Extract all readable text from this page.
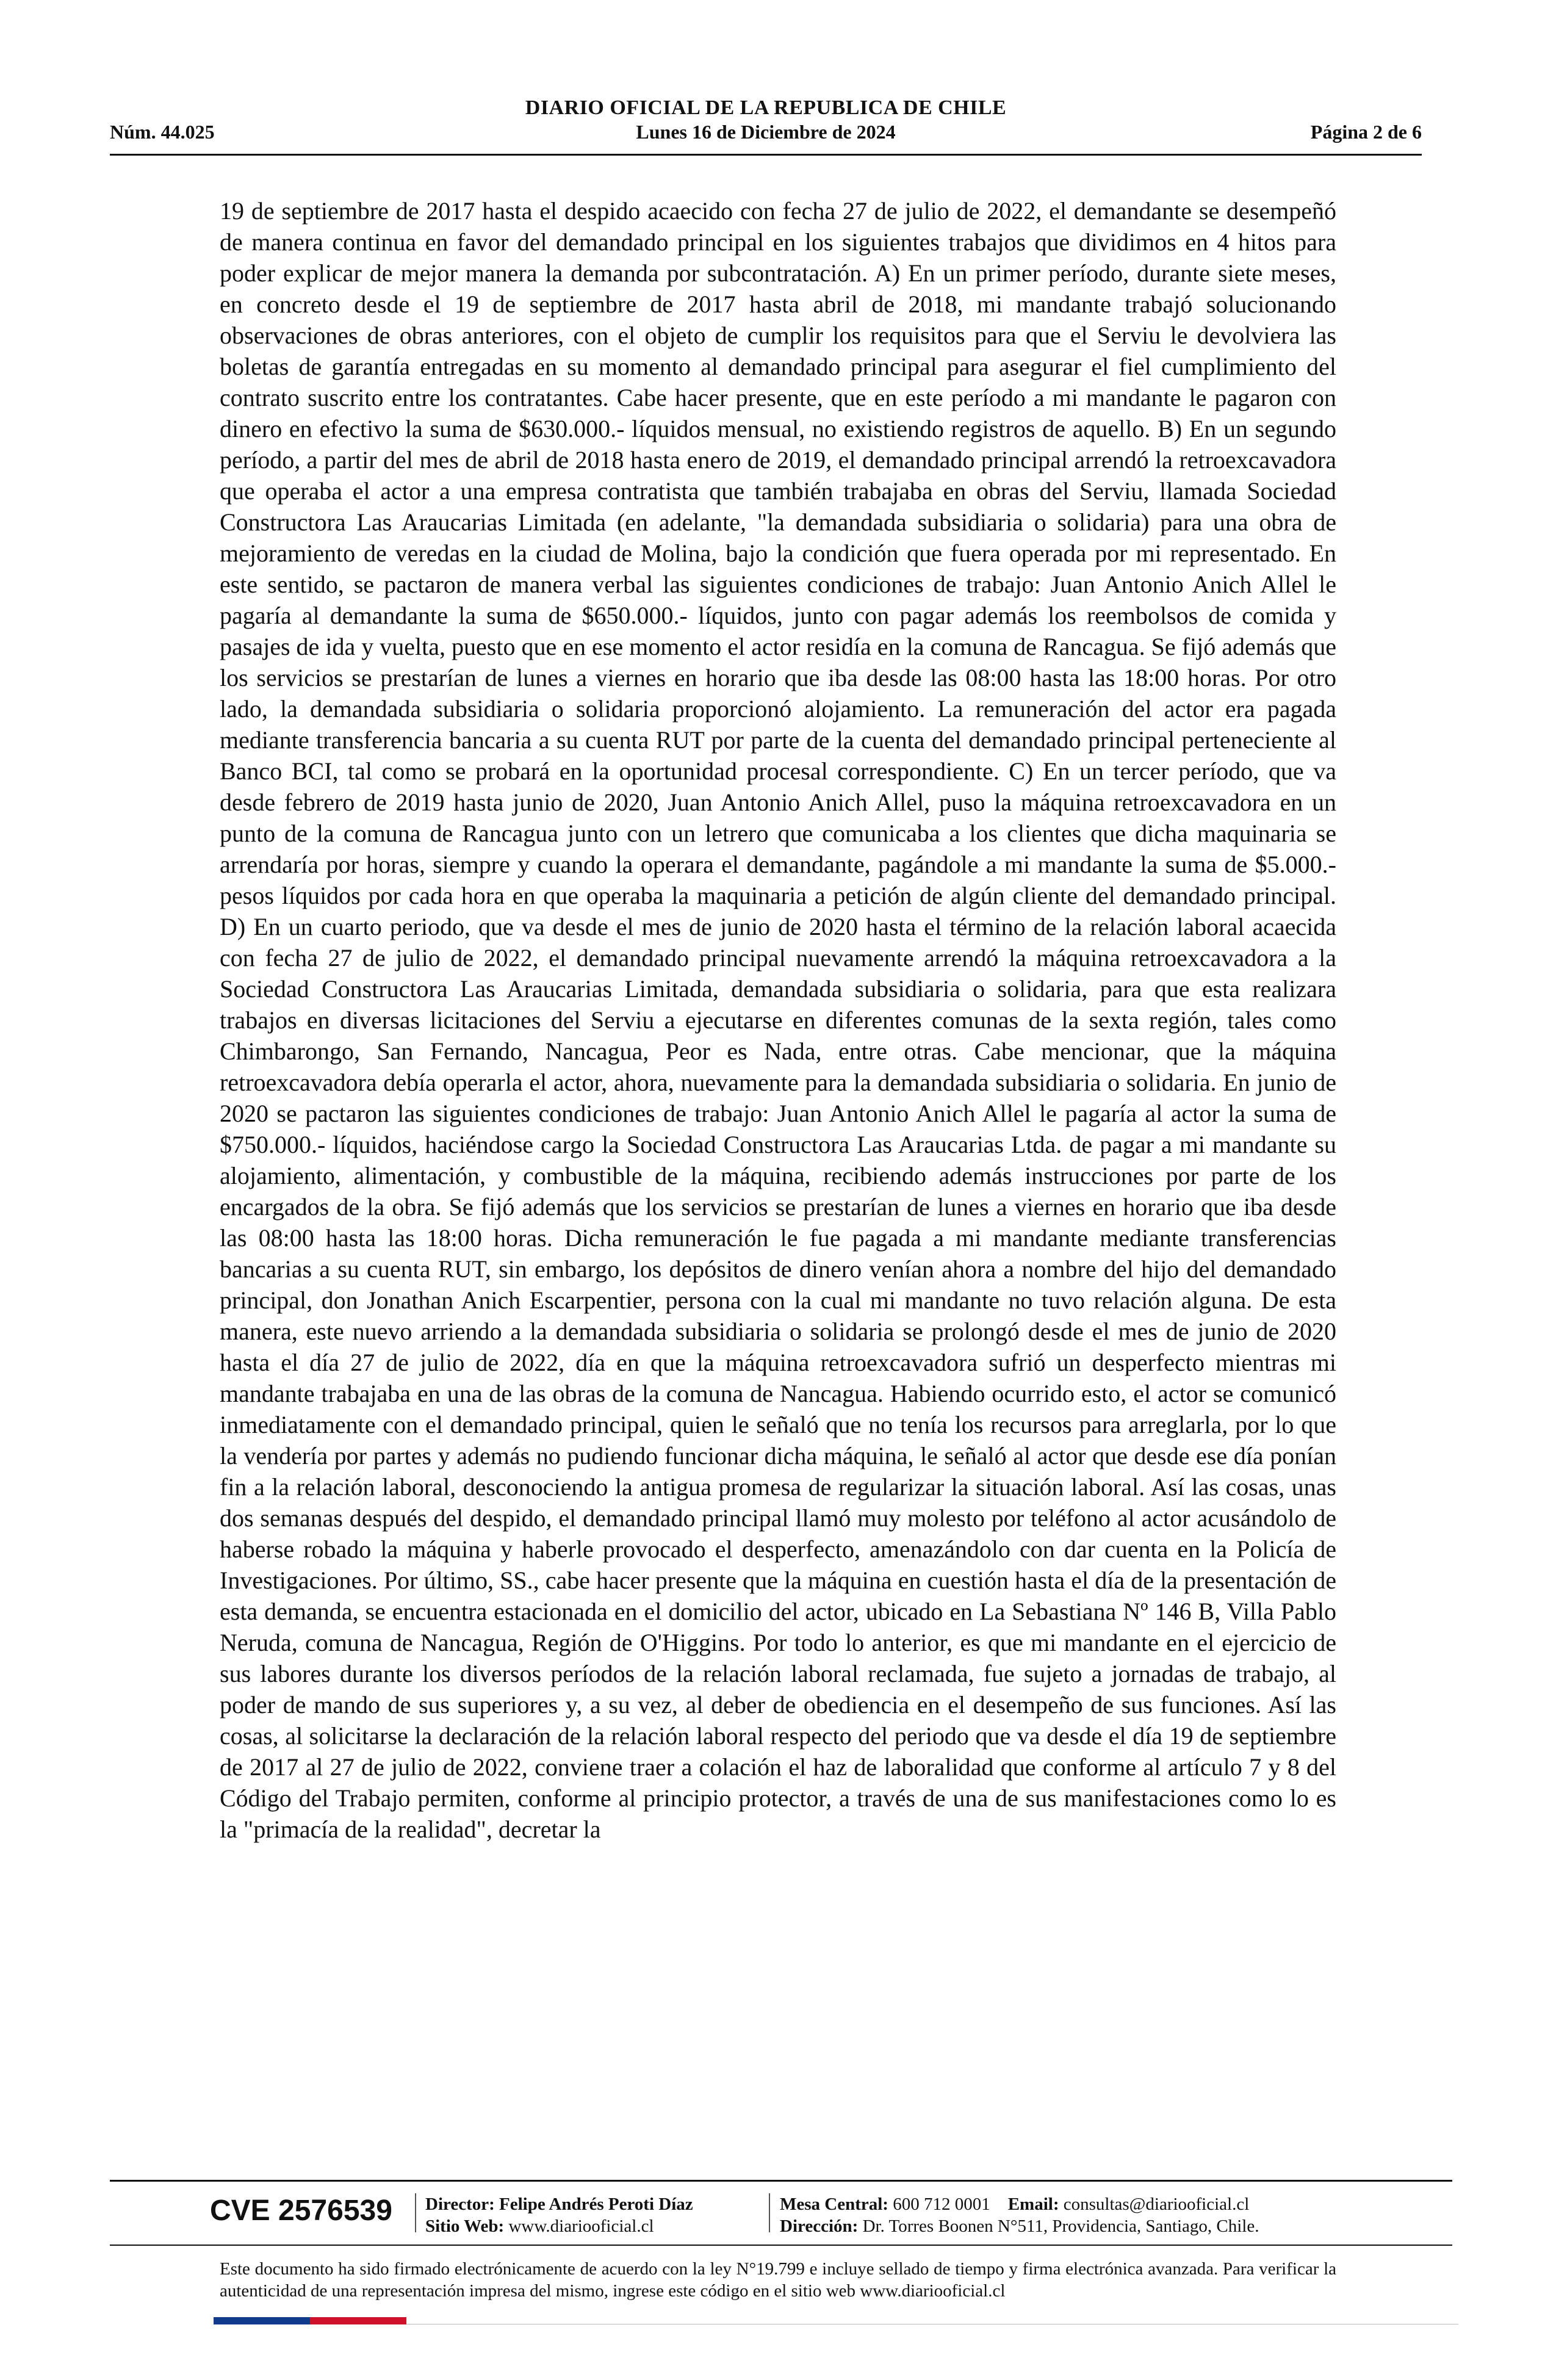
DIARIO OFICIAL DE LA REPUBLICA DE CHILE
Lunes 16 de Diciembre de 2024
Núm. 44.025	Página 2 de 6

19 de septiembre de 2017 hasta el despido acaecido con fecha 27 de julio de 2022, el demandante se desempeñó de manera continua en favor del demandado principal en los siguientes trabajos que dividimos en 4 hitos para poder explicar de mejor manera la demanda por subcontratación. A) En un primer período, durante siete meses, en concreto desde el 19 de septiembre de 2017 hasta abril de 2018, mi mandante trabajó solucionando observaciones de obras anteriores, con el objeto de cumplir los requisitos para que el Serviu le devolviera las boletas de garantía entregadas en su momento al demandado principal para asegurar el fiel cumplimiento del contrato suscrito entre los contratantes. Cabe hacer presente, que en este período a mi mandante le pagaron con dinero en efectivo la suma de $630.000.- líquidos mensual, no existiendo registros de aquello. B) En un segundo período, a partir del mes de abril de 2018 hasta enero de 2019, el demandado principal arrendó la retroexcavadora que operaba el actor a una empresa contratista que también trabajaba en obras del Serviu, llamada Sociedad Constructora Las Araucarias Limitada (en adelante, "la demandada subsidiaria o solidaria) para una obra de mejoramiento de veredas en la ciudad de Molina, bajo la condición que fuera operada por mi representado. En este sentido, se pactaron de manera verbal las siguientes condiciones de trabajo: Juan Antonio Anich Allel le pagaría al demandante la suma de $650.000.- líquidos, junto con pagar además los reembolsos de comida y pasajes de ida y vuelta, puesto que en ese momento el actor residía en la comuna de Rancagua. Se fijó además que los servicios se prestarían de lunes a viernes en horario que iba desde las 08:00 hasta las 18:00 horas. Por otro lado, la demandada subsidiaria o solidaria proporcionó alojamiento. La remuneración del actor era pagada mediante transferencia bancaria a su cuenta RUT por parte de la cuenta del demandado principal perteneciente al Banco BCI, tal como se probará en la oportunidad procesal correspondiente. C) En un tercer período, que va desde febrero de 2019 hasta junio de 2020, Juan Antonio Anich Allel, puso la máquina retroexcavadora en un punto de la comuna de Rancagua junto con un letrero que comunicaba a los clientes que dicha maquinaria se arrendaría por horas, siempre y cuando la operara el demandante, pagándole a mi mandante la suma de $5.000.- pesos líquidos por cada hora en que operaba la maquinaria a petición de algún cliente del demandado principal. D) En un cuarto periodo, que va desde el mes de junio de 2020 hasta el término de la relación laboral acaecida con fecha 27 de julio de 2022, el demandado principal nuevamente arrendó la máquina retroexcavadora a la Sociedad Constructora Las Araucarias Limitada, demandada subsidiaria o solidaria, para que esta realizara trabajos en diversas licitaciones del Serviu a ejecutarse en diferentes comunas de la sexta región, tales como Chimbarongo, San Fernando, Nancagua, Peor es Nada, entre otras. Cabe mencionar, que la máquina retroexcavadora debía operarla el actor, ahora, nuevamente para la demandada subsidiaria o solidaria. En junio de 2020 se pactaron las siguientes condiciones de trabajo: Juan Antonio Anich Allel le pagaría al actor la suma de $750.000.- líquidos, haciéndose cargo la Sociedad Constructora Las Araucarias Ltda. de pagar a mi mandante su alojamiento, alimentación, y combustible de la máquina, recibiendo además instrucciones por parte de los encargados de la obra. Se fijó además que los servicios se prestarían de lunes a viernes en horario que iba desde las 08:00 hasta las 18:00 horas. Dicha remuneración le fue pagada a mi mandante mediante transferencias bancarias a su cuenta RUT, sin embargo, los depósitos de dinero venían ahora a nombre del hijo del demandado principal, don Jonathan Anich Escarpentier, persona con la cual mi mandante no tuvo relación alguna. De esta manera, este nuevo arriendo a la demandada subsidiaria o solidaria se prolongó desde el mes de junio de 2020 hasta el día 27 de julio de 2022, día en que la máquina retroexcavadora sufrió un desperfecto mientras mi mandante trabajaba en una de las obras de la comuna de Nancagua. Habiendo ocurrido esto, el actor se comunicó inmediatamente con el demandado principal, quien le señaló que no tenía los recursos para arreglarla, por lo que la vendería por partes y además no pudiendo funcionar dicha máquina, le señaló al actor que desde ese día ponían fin a la relación laboral, desconociendo la antigua promesa de regularizar la situación laboral. Así las cosas, unas dos semanas después del despido, el demandado principal llamó muy molesto por teléfono al actor acusándolo de haberse robado la máquina y haberle provocado el desperfecto, amenazándolo con dar cuenta en la Policía de Investigaciones. Por último, SS., cabe hacer presente que la máquina en cuestión hasta el día de la presentación de esta demanda, se encuentra estacionada en el domicilio del actor, ubicado en La Sebastiana Nº 146 B, Villa Pablo Neruda, comuna de Nancagua, Región de O'Higgins. Por todo lo anterior, es que mi mandante en el ejercicio de sus labores durante los diversos períodos de la relación laboral reclamada, fue sujeto a jornadas de trabajo, al poder de mando de sus superiores y, a su vez, al deber de obediencia en el desempeño de sus funciones. Así las cosas, al solicitarse la declaración de la relación laboral respecto del periodo que va desde el día 19 de septiembre de 2017 al 27 de julio de 2022, conviene traer a colación el haz de laboralidad que conforme al artículo 7 y 8 del Código del Trabajo permiten, conforme al principio protector, a través de una de sus manifestaciones como lo es la "primacía de la realidad", decretar la

CVE 2576539	Director: Felipe Andrés Peroti Díaz
Sitio Web: www.diariooficial.cl
Mesa Central: 600 712 0001 Email: consultas@diariooficial.cl
Dirección: Dr. Torres Boonen N°511, Providencia, Santiago, Chile.
Este documento ha sido firmado electrónicamente de acuerdo con la ley N°19.799 e incluye sellado de tiempo y firma electrónica avanzada. Para verificar la autenticidad de una representación impresa del mismo, ingrese este código en el sitio web www.diariooficial.cl
